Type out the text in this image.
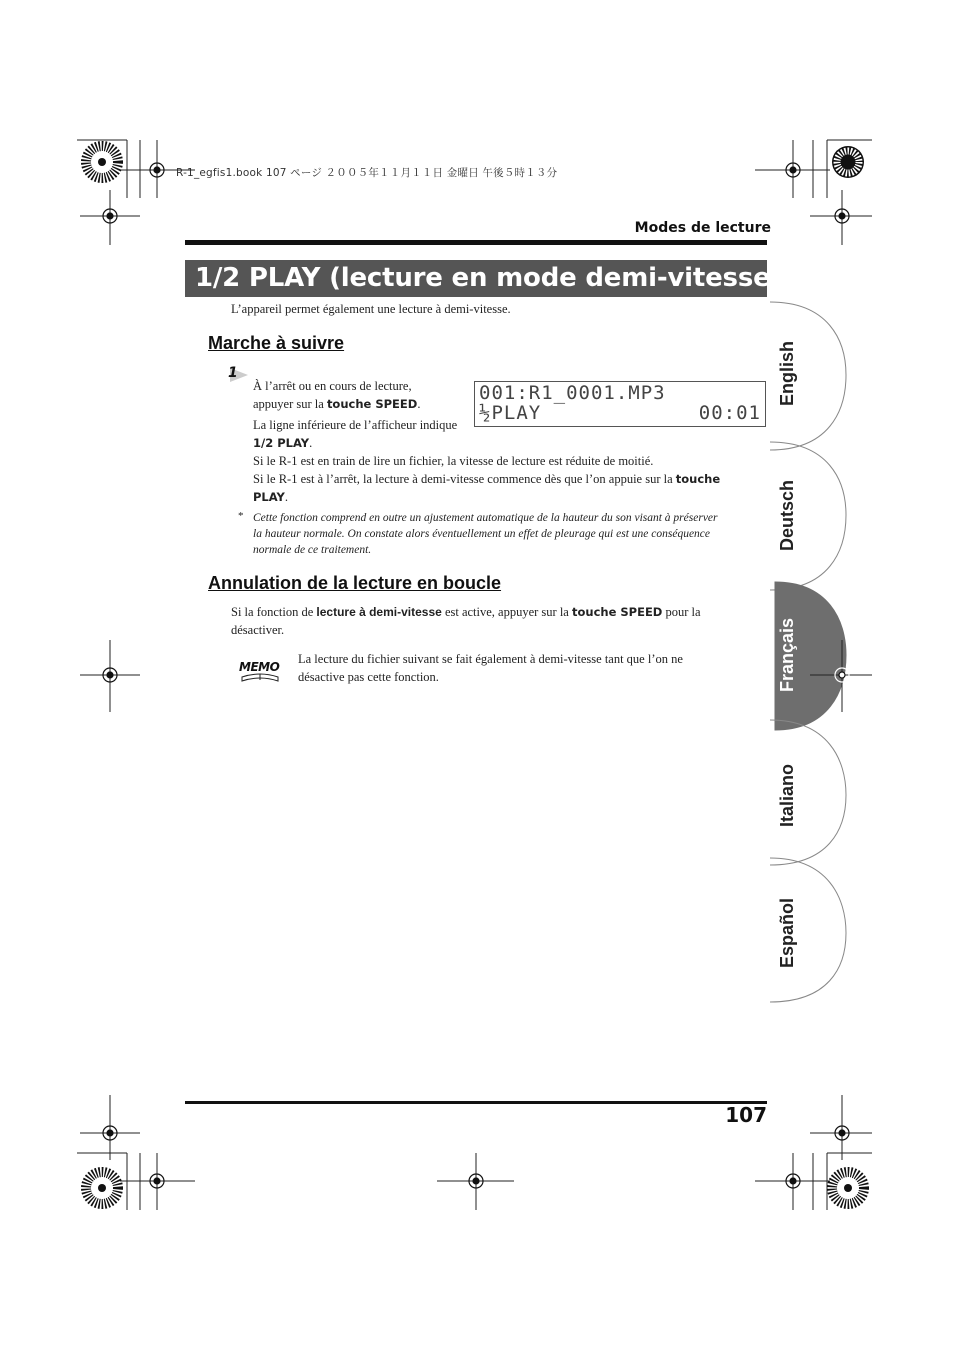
R-1_egfis1.book 107 ページ ２００５年１１月１１日 金曜日 午後５時１３分
Modes de lecture
1/2 PLAY (lecture en mode demi-vitesse)
L’appareil permet également une lecture à demi-vitesse.
Marche à suivre
1
À l’arrêt ou en cours de lecture, appuyer sur la touche SPEED.
La ligne inférieure de l’afficheur indique 1/2 PLAY.
Si le R-1 est en train de lire un fichier, la vitesse de lecture est réduite de moitié.
Si le R-1 est à l’arrêt, la lecture à demi-vitesse commence dès que l’on appuie sur la touche PLAY.
001:R1_0001.MP3
½PLAY	00:01
* Cette fonction comprend en outre un ajustement automatique de la hauteur du son visant à préserver la hauteur normale. On constate alors éventuellement un effet de pleurage qui est une conséquence normale de ce traitement.
Annulation de la lecture en boucle
Si la fonction de lecture à demi-vitesse est active, appuyer sur la touche SPEED pour la désactiver.
MEMO
La lecture du fichier suivant se fait également à demi-vitesse tant que l’on ne désactive pas cette fonction.
English
Deutsch
Français
Italiano
Español
107
